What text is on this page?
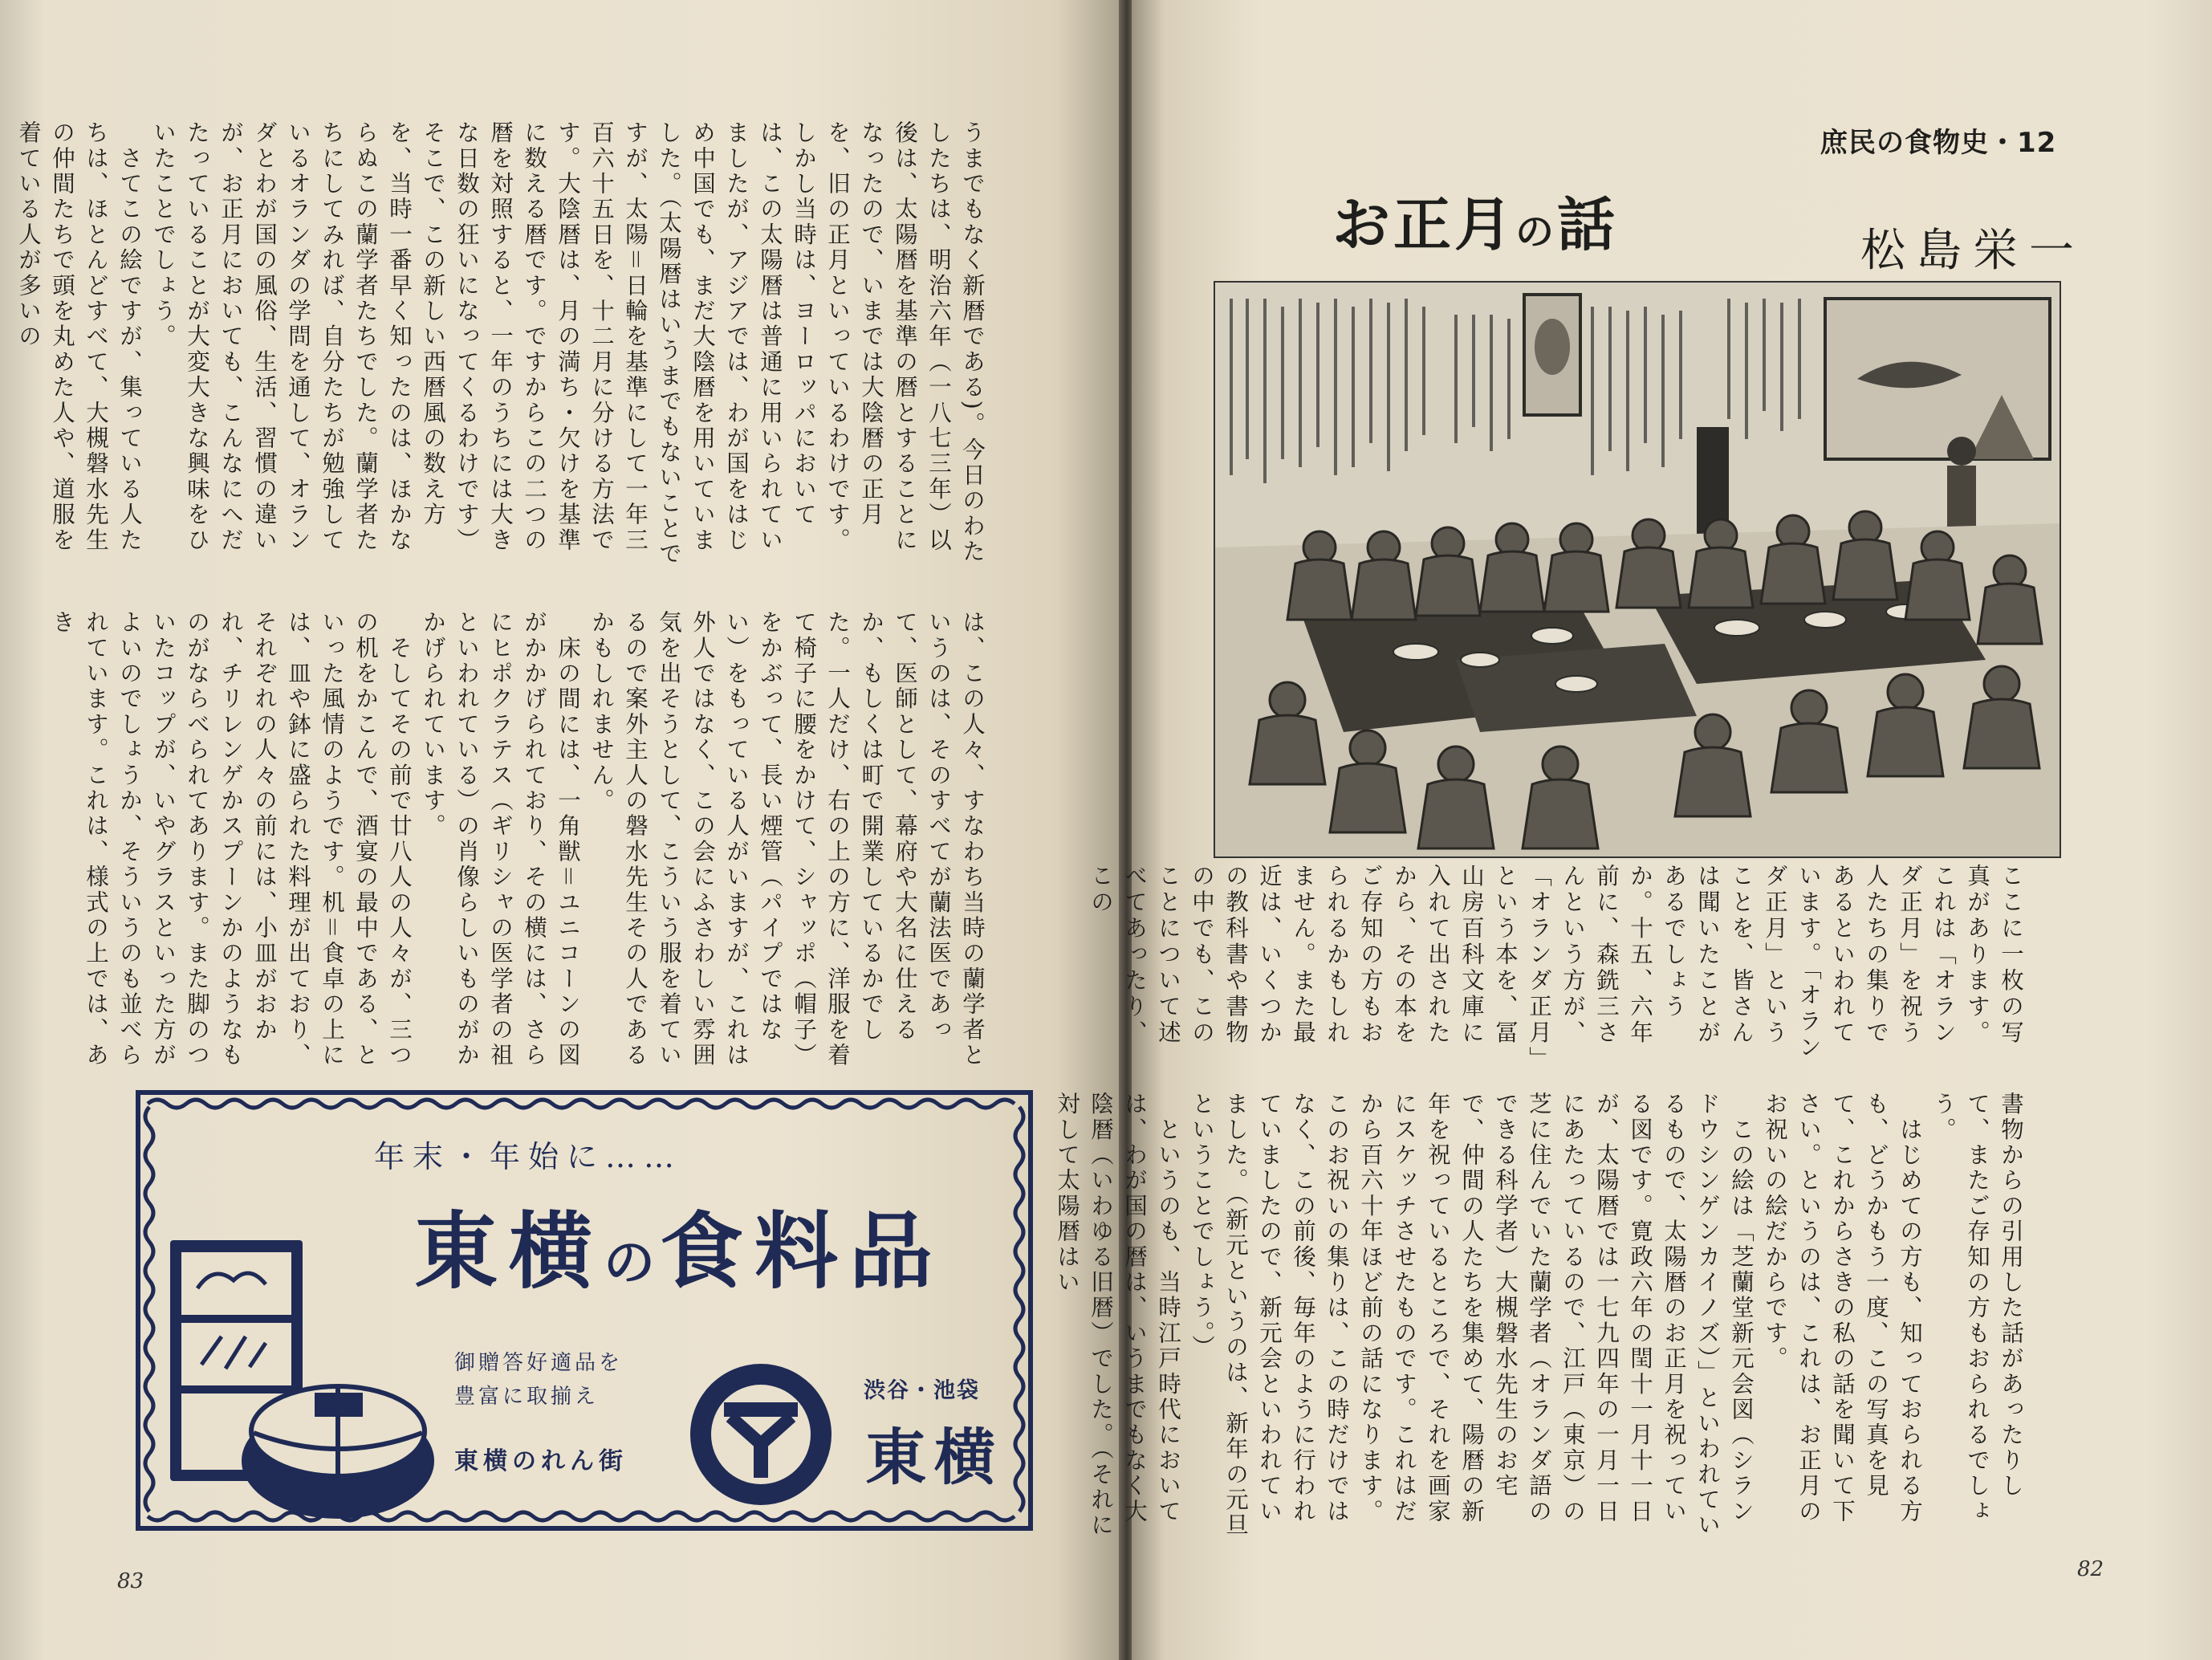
うまでもなく新暦である)。今日のわたしたちは、明治六年（一八七三年）以後は、太陽暦を基準の暦とすることになったので、いまでは大陰暦の正月を、旧の正月といっているわけです。しかし当時は、ヨーロッパにおいては、この太陽暦は普通に用いられていましたが、アジアでは、わが国をはじめ中国でも、まだ大陰暦を用いていました。（太陽暦はいうまでもないことですが、太陽＝日輪を基準にして一年三百六十五日を、十二月に分ける方法です。大陰暦は、月の満ち・欠けを基準に数える暦です。ですからこの二つの暦を対照すると、一年のうちには大きな日数の狂いになってくるわけです）そこで、この新しい西暦風の数え方を、当時一番早く知ったのは、ほかならぬこの蘭学者たちでした。蘭学者たちにしてみれば、自分たちが勉強しているオランダの学問を通して、オランダとわが国の風俗、生活、習慣の違いが、お正月においても、こんなにへだたっていることが大変大きな興味をひいたことでしょう。
　さてこの絵ですが、集っている人たちは、ほとんどすべて、大槻磐水先生の仲間たちで頭を丸めた人や、道服を着ている人が多いの

は、この人々、すなわち当時の蘭学者というのは、そのすべてが蘭法医であって、医師として、幕府や大名に仕えるか、もしくは町で開業しているかでした。一人だけ、右の上の方に、洋服を着て椅子に腰をかけて、シャッポ（帽子）をかぶって、長い煙管（パイプではない）をもっている人がいますが、これは外人ではなく、この会にふさわしい雰囲気を出そうとして、こういう服を着ているので案外主人の磐水先生その人であるかもしれません。
　床の間には、一角獣＝ユニコーンの図がかかげられており、その横には、さらにヒポクラテス（ギリシャの医学者の祖といわれている）の肖像らしいものがかかげられています。
　そしてその前で廿八人の人々が、三つの机をかこんで、酒宴の最中である、といった風情のようです。机＝食卓の上には、皿や鉢に盛られた料理が出ており、それぞれの人々の前には、小皿がおかれ、チリレンゲかスプーンかのようなものがならべられてあります。また脚のついたコップが、いやグラスといった方がよいのでしょうか、そういうのも並べられています。これは、様式の上では、あき

年末・年始に……
東横の食料品
御贈答好適品を
豊富に取揃え
東横のれん街
渋谷・池袋
東横
83
庶民の食物史・12
お正月の話	松島栄一

ここに一枚の写真があります。これは「オランダ正月」を祝う人たちの集りであるといわれています。「オランダ正月」ということを、皆さんは聞いたことがあるでしょうか。十五、六年前に、森銑三さんという方が、「オランダ正月」という本を、冨山房百科文庫に入れて出されたから、その本をご存知の方もおられるかもしれません。また最近は、いくつかの教科書や書物の中でも、このことについて述べてあったり、この

書物からの引用した話があったりして、またご存知の方もおられるでしょう。
　はじめての方も、知っておられる方も、どうかもう一度、この写真を見て、これからさきの私の話を聞いて下さい。というのは、これは、お正月のお祝いの絵だからです。
　この絵は「芝蘭堂新元会図（シランドウシンゲンカイノズ）」といわれているもので、太陽暦のお正月を祝っている図です。寛政六年の閏十一月十一日が、太陽暦では一七九四年の一月一日にあたっているので、江戸（東京）の芝に住んでいた蘭学者（オランダ語のできる科学者）大槻磐水先生のお宅で、仲間の人たちを集めて、陽暦の新年を祝っているところで、それを画家にスケッチさせたものです。これはだから百六十年ほど前の話になります。このお祝いの集りは、この時だけではなく、この前後、毎年のように行われていましたので、新元会といわれていました。（新元というのは、新年の元旦ということでしょう。）
　というのも、当時江戸時代においては、わが国の暦は、いうまでもなく大陰暦（いわゆる旧暦）でした。（それに対して太陽暦はい

82
